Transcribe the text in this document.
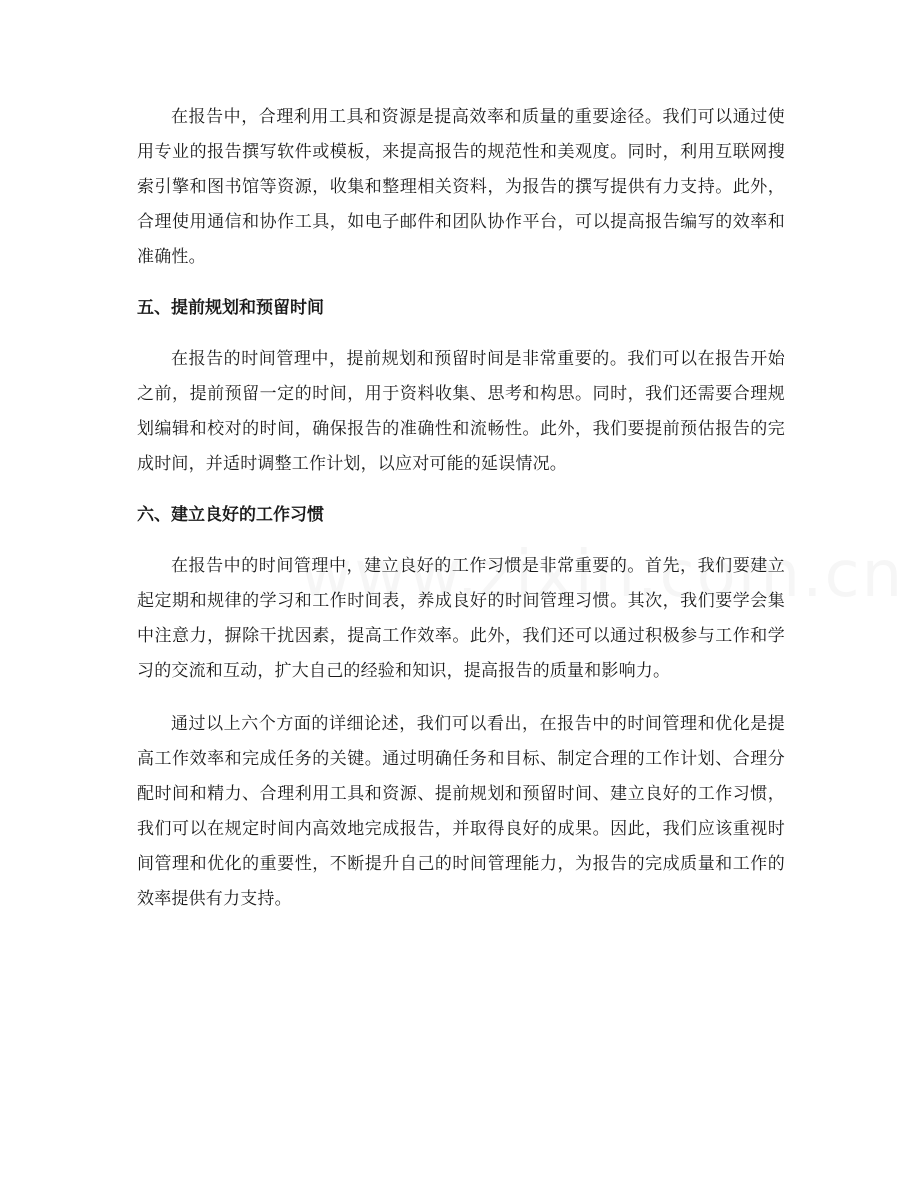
在报告中，合理利用工具和资源是提高效率和质量的重要途径。我们可以通过使用专业的报告撰写软件或模板，来提高报告的规范性和美观度。同时，利用互联网搜索引擎和图书馆等资源，收集和整理相关资料，为报告的撰写提供有力支持。此外，合理使用通信和协作工具，如电子邮件和团队协作平台，可以提高报告编写的效率和准确性。

五、提前规划和预留时间

在报告的时间管理中，提前规划和预留时间是非常重要的。我们可以在报告开始之前，提前预留一定的时间，用于资料收集、思考和构思。同时，我们还需要合理规划编辑和校对的时间，确保报告的准确性和流畅性。此外，我们要提前预估报告的完成时间，并适时调整工作计划，以应对可能的延误情况。

六、建立良好的工作习惯

在报告中的时间管理中，建立良好的工作习惯是非常重要的。首先，我们要建立起定期和规律的学习和工作时间表，养成良好的时间管理习惯。其次，我们要学会集中注意力，摒除干扰因素，提高工作效率。此外，我们还可以通过积极参与工作和学习的交流和互动，扩大自己的经验和知识，提高报告的质量和影响力。

通过以上六个方面的详细论述，我们可以看出，在报告中的时间管理和优化是提高工作效率和完成任务的关键。通过明确任务和目标、制定合理的工作计划、合理分配时间和精力、合理利用工具和资源、提前规划和预留时间、建立良好的工作习惯，我们可以在规定时间内高效地完成报告，并取得良好的成果。因此，我们应该重视时间管理和优化的重要性，不断提升自己的时间管理能力，为报告的完成质量和工作的效率提供有力支持。
